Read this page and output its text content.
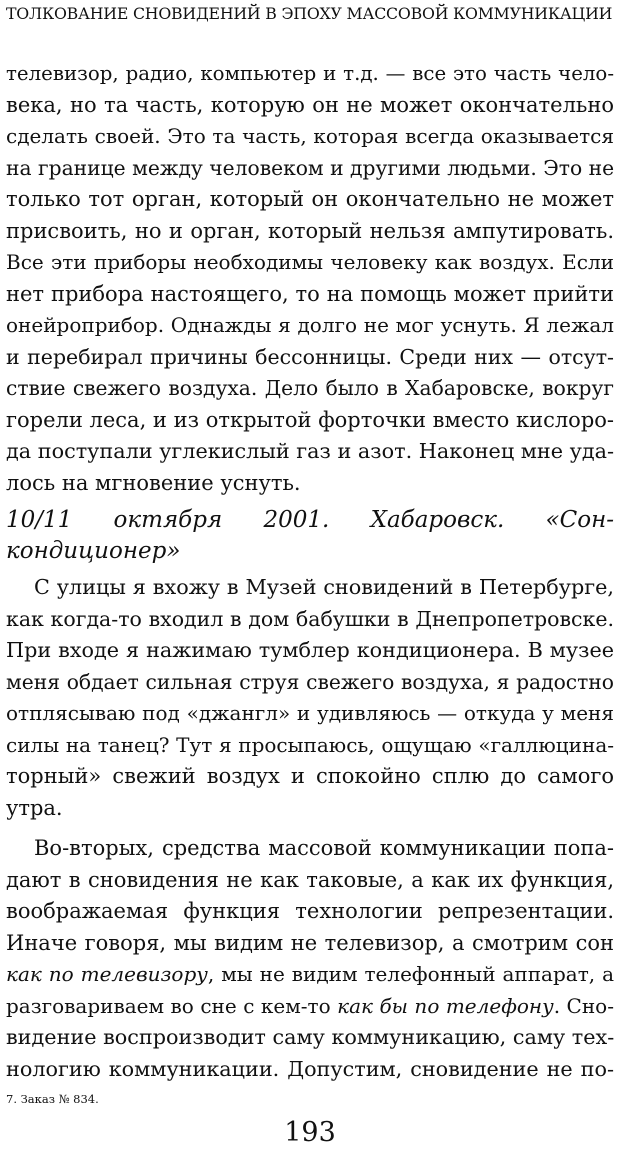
ТОЛКОВАНИЕ СНОВИДЕНИЙ В ЭПОХУ МАССОВОЙ КОММУНИКАЦИИ
телевизор, радио, компьютер и т.д. — все это часть чело-
века, но та часть, которую он не может окончательно
сделать своей. Это та часть, которая всегда оказывается
на границе между человеком и другими людьми. Это не
только тот орган, который он окончательно не может
присвоить, но и орган, который нельзя ампутировать.
Все эти приборы необходимы человеку как воздух. Если
нет прибора настоящего, то на помощь может прийти
онейроприбор. Однажды я долго не мог уснуть. Я лежал
и перебирал причины бессонницы. Среди них — отсут-
ствие свежего воздуха. Дело было в Хабаровске, вокруг
горели леса, и из открытой форточки вместо кислоро-
да поступали углекислый газ и азот. Наконец мне уда-
лось на мгновение уснуть.
10/11 октября 2001. Хабаровск. «Сон-
кондиционер»
С улицы я вхожу в Музей сновидений в Петербурге,
как когда-то входил в дом бабушки в Днепропетровске.
При входе я нажимаю тумблер кондиционера. В музее
меня обдает сильная струя свежего воздуха, я радостно
отплясываю под «джангл» и удивляюсь — откуда у меня
силы на танец? Тут я просыпаюсь, ощущаю «галлюцина-
торный» свежий воздух и спокойно сплю до самого
утра.
Во-вторых, средства массовой коммуникации попа-
дают в сновидения не как таковые, а как их функция,
воображаемая функция технологии репрезентации.
Иначе говоря, мы видим не телевизор, а смотрим сон
как по телевизору, мы не видим телефонный аппарат, а
разговариваем во сне с кем-то как бы по телефону. Сно-
видение воспроизводит саму коммуникацию, саму тех-
нологию коммуникации. Допустим, сновидение не по-
7. Заказ № 834.
193
